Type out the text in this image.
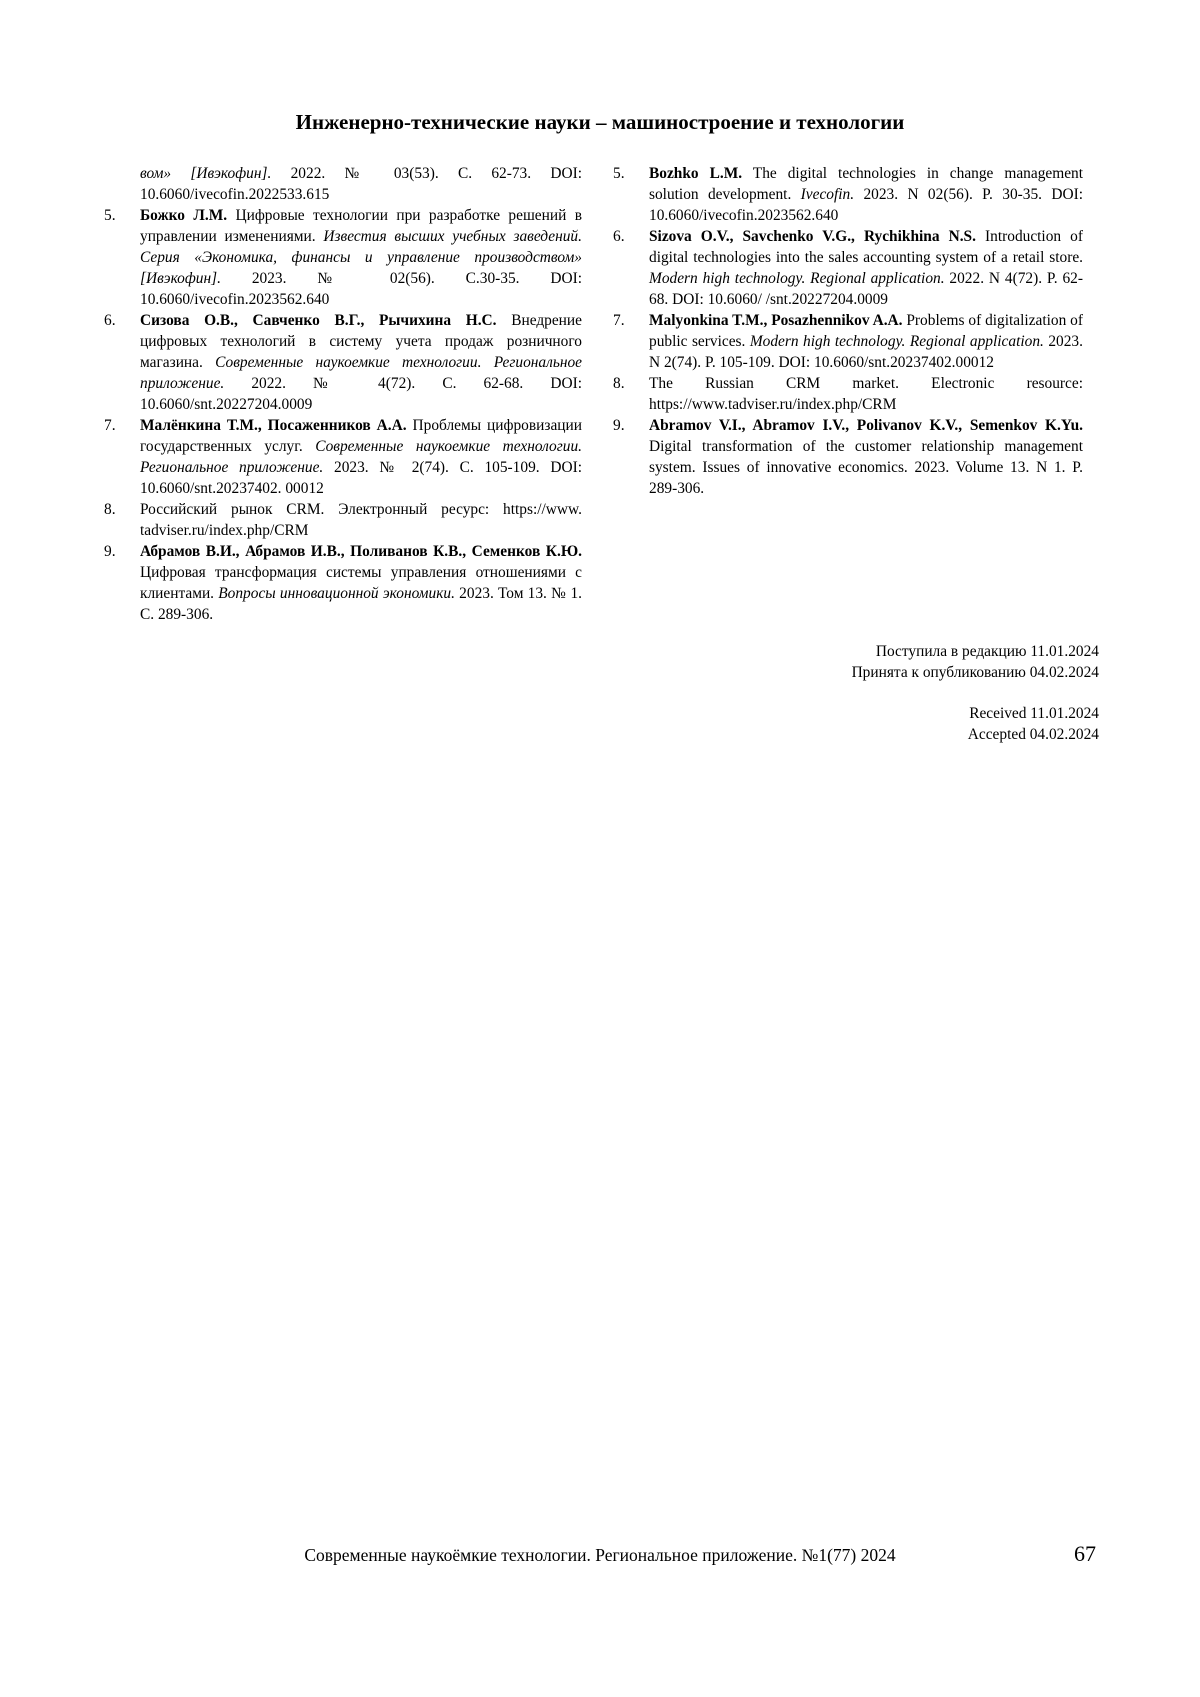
Инженерно-технические науки – машиностроение и технологии
вом» [Ивэкофин]. 2022. № 03(53). С. 62-73. DOI: 10.6060/ivecofin.2022533.615
5.	Божко Л.М. Цифровые технологии при разработке решений в управлении изменениями. Известия высших учебных заведений. Серия «Экономика, финансы и управление производством» [Ивэкофин]. 2023. № 02(56). С.30-35. DOI: 10.6060/ivecofin.2023562.640
6.	Сизова О.В., Савченко В.Г., Рычихина Н.С. Внедрение цифровых технологий в систему учета продаж розничного магазина. Современные наукоемкие технологии. Региональное приложение. 2022. № 4(72). С. 62-68. DOI: 10.6060/snt.20227204.0009
7.	Малёнкина Т.М., Посаженников А.А. Проблемы цифровизации государственных услуг. Современные наукоемкие технологии. Региональное приложение. 2023. № 2(74). С. 105-109. DOI: 10.6060/snt.20237402. 00012
8.	Российский рынок CRM. Электронный ресурс: https://www. tadviser.ru/index.php/CRM
9.	Абрамов В.И., Абрамов И.В., Поливанов К.В., Семенков К.Ю. Цифровая трансформация системы управления отношениями с клиентами. Вопросы инновационной экономики. 2023. Том 13. № 1. С. 289-306.
5.	Bozhko L.M. The digital technologies in change management solution development. Ivecofin. 2023. N 02(56). P. 30-35. DOI: 10.6060/ivecofin.2023562.640
6.	Sizova O.V., Savchenko V.G., Rychikhina N.S. Introduction of digital technologies into the sales accounting system of a retail store. Modern high technology. Regional application. 2022. N 4(72). P. 62-68. DOI: 10.6060/ /snt.20227204.0009
7.	Malyonkina T.M., Posazhennikov A.A. Problems of digitalization of public services. Modern high technology. Regional application. 2023. N 2(74). P. 105-109. DOI: 10.6060/snt.20237402.00012
8.	The Russian CRM market. Electronic resource: https://www.tadviser.ru/index.php/CRM
9.	Abramov V.I., Abramov I.V., Polivanov K.V., Semenkov K.Yu. Digital transformation of the customer relationship management system. Issues of innovative economics. 2023. Volume 13. N 1. P. 289-306.
Поступила в редакцию 11.01.2024
Принята к опубликованию 04.02.2024
Received 11.01.2024
Accepted 04.02.2024
Современные наукоёмкие технологии. Региональное приложение. №1(77) 2024	67
